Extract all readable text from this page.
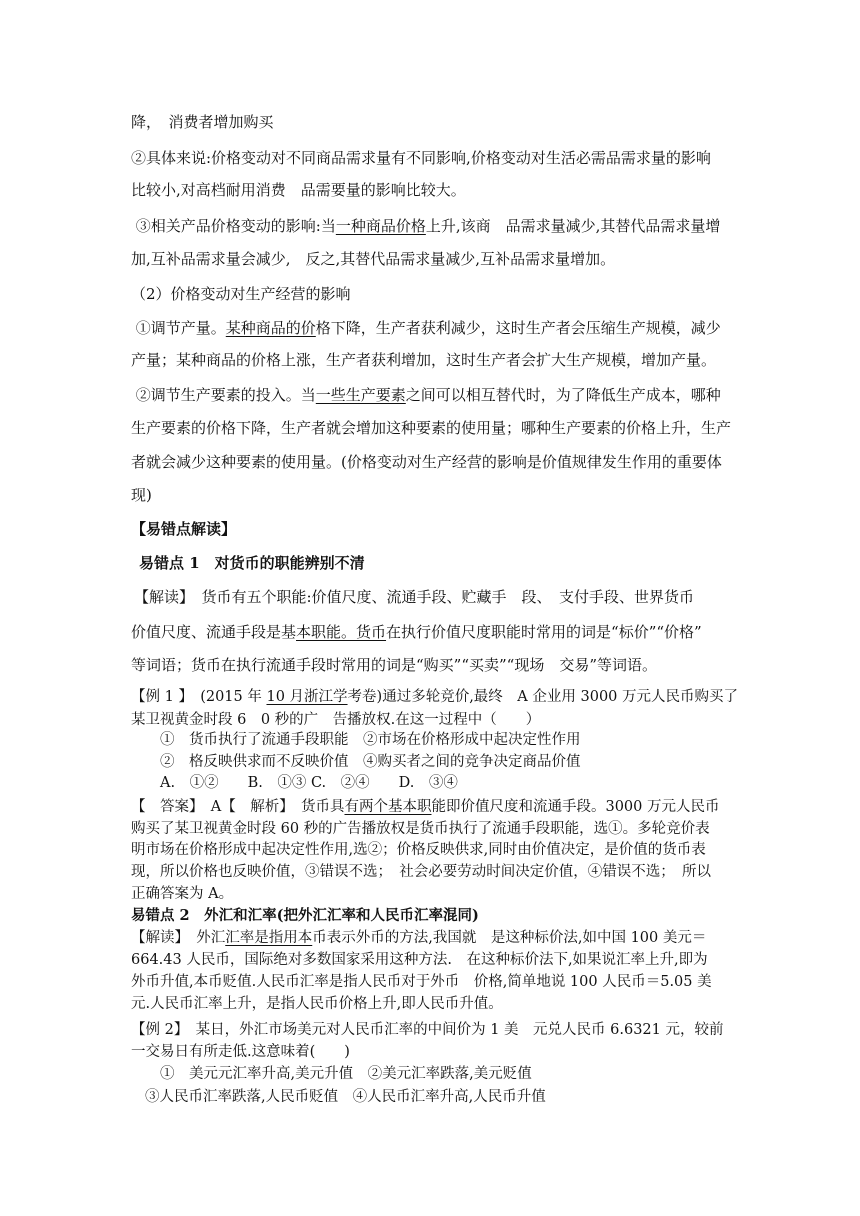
降，　消费者增加购买
②具体来说:价格变动对不同商品需求量有不同影响,价格变动对生活必需品需求量的影响
比较小,对高档耐用消费　品需要量的影响比较大。
③相关产品价格变动的影响:当一种商品价格上升,该商　品需求量减少,其替代品需求量增
加,互补品需求量会减少,　反之,其替代品需求量减少,互补品需求量增加。
（2）价格变动对生产经营的影响
①调节产量。某种商品的价格下降，生产者获利减少，这时生产者会压缩生产规模，减少
产量；某种商品的价格上涨，生产者获利增加，这时生产者会扩大生产规模，增加产量。
②调节生产要素的投入。当一些生产要素之间可以相互替代时，为了降低生产成本，哪种
生产要素的价格下降，生产者就会增加这种要素的使用量；哪种生产要素的价格上升，生产
者就会减少这种要素的使用量。(价格变动对生产经营的影响是价值规律发生作用的重要体
现)
【易错点解读】
易错点 1　对货币的职能辨别不清
【解读】　货币有五个职能:价值尺度、流通手段、贮藏手　段、　支付手段、世界货币
价值尺度、流通手段是基本职能。货币在执行价值尺度职能时常用的词是“标价”“价格”
等词语；货币在执行流通手段时常用的词是“购买”“买卖”“现场　交易”等词语。
【例 1 】　(2015 年 10 月浙江学考卷)通过多轮竞价,最终　A 企业用 3000 万元人民币购买了
某卫视黄金时段 6　0 秒的广　告播放权.在这一过程中（　　）
①　货币执行了流通手段职能　②市场在价格形成中起决定性作用
②　格反映供求而不反映价值　④购买者之间的竞争决定商品价值
A.　①②　　B.　①③ C.　②④　　D.　③④
【　答案】　A【　解析】　货币具有两个基本职能即价值尺度和流通手段。3000 万元人民币
购买了某卫视黄金时段 60 秒的广告播放权是货币执行了流通手段职能，选①。多轮竞价表
明市场在价格形成中起决定性作用,选②；价格反映供求,同时由价值决定，是价值的货币表
现，所以价格也反映价值，③错误不选；　社会必要劳动时间决定价值，④错误不选；　所以
正确答案为 A。
易错点 2　外汇和汇率(把外汇汇率和人民币汇率混同)
【解读】　外汇汇率是指用本币表示外币的方法,我国就　是这种标价法,如中国 100 美元＝
664.43 人民币，国际绝对多数国家采用这种方法.　在这种标价法下,如果说汇率上升,即为
外币升值,本币贬值.人民币汇率是指人民币对于外币　价格,简单地说 100 人民币＝5.05 美
元.人民币汇率上升，是指人民币价格上升,即人民币升值。
【例 2】　某日，外汇市场美元对人民币汇率的中间价为 1 美　元兑人民币 6.6321 元，较前
一交易日有所走低.这意味着(　　)
①　美元元汇率升高,美元升值　②美元汇率跌落,美元贬值
③人民币汇率跌落,人民币贬值　④人民币汇率升高,人民币升值
